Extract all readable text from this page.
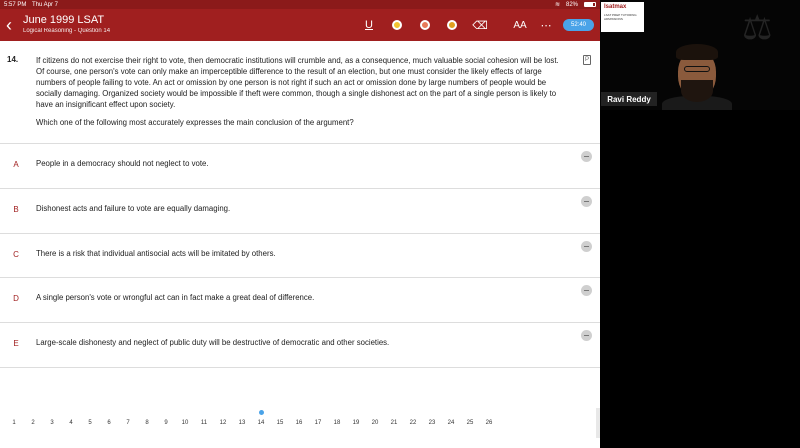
5:57 PM Thu Apr 7	≋ 82%
‹	June 1999 LSAT
Logical Reasoning - Question 14	U	⌫	AA ⋯	52:40
14. If citizens do not exercise their right to vote, then democratic institutions will crumble and, as a consequence, much valuable social cohesion will be lost. Of course, one person's vote can only make an imperceptible difference to the result of an election, but one must consider the likely effects of large numbers of people failing to vote. An act or omission by one person is not right if such an act or omission done by large numbers of people would be socially damaging. Organized society would be impossible if theft were common, though a single dishonest act on the part of a single person is likely to have an insignificant effect upon society.
P
Which one of the following most accurately expresses the main conclusion of the argument?
A	People in a democracy should not neglect to vote.
B	Dishonest acts and failure to vote are equally damaging.
C	There is a risk that individual antisocial acts will be imitated by others.
D	A single person's vote or wrongful act can in fact make a great deal of difference.
E	Large-scale dishonesty and neglect of public duty will be destructive of democratic and other societies.
1	2	3	4	5	6	7	8	9	10	11	12	13	14	15	16	17	18	19	20	21	22	23	24	25	26
⚖
lsatmax
LSAT PREP TUTORING ADMISSIONS
Ravi Reddy
